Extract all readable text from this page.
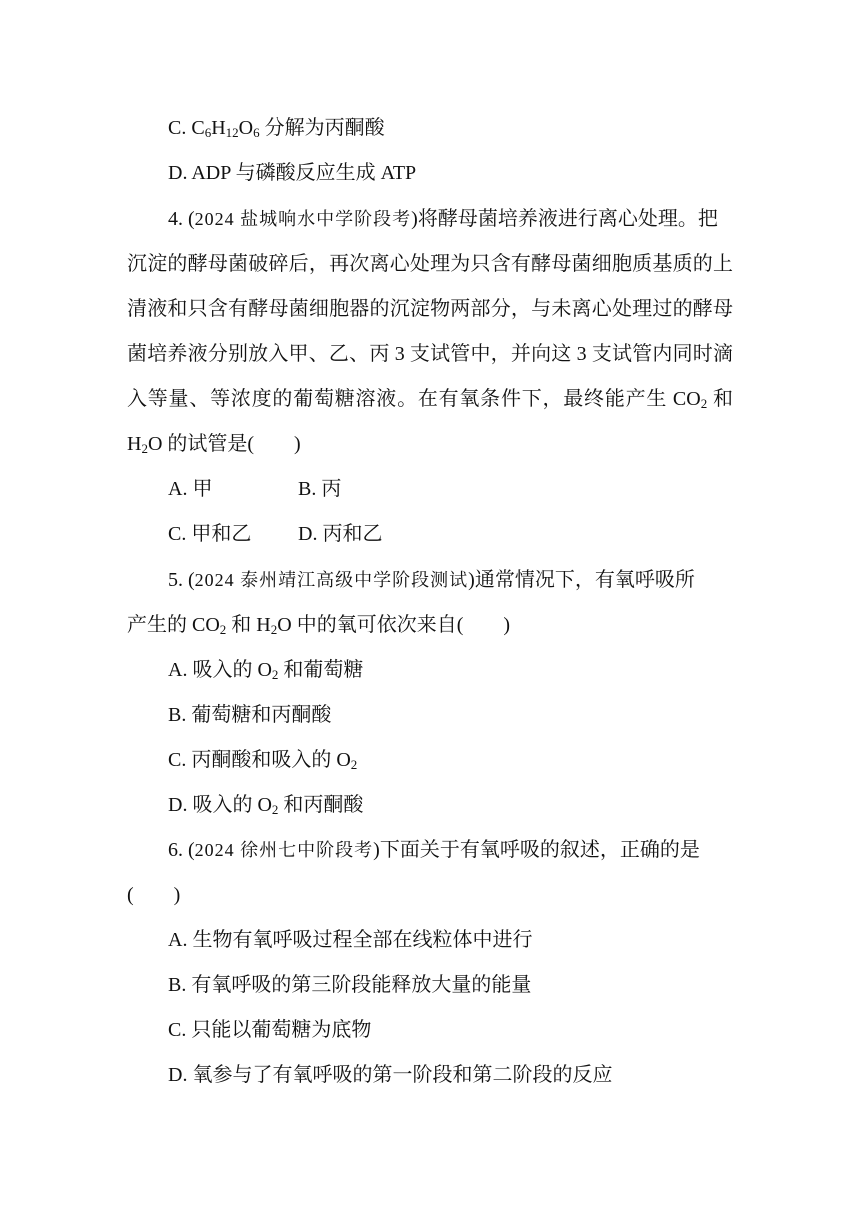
C. $C_6H_{12}O_6$ 分解为丙酮酸
D. ADP 与磷酸反应生成 ATP
4. (2024 盐城响水中学阶段考)将酵母菌培养液进行离心处理。把
沉淀的酵母菌破碎后，再次离心处理为只含有酵母菌细胞质基质的上
清液和只含有酵母菌细胞器的沉淀物两部分，与未离心处理过的酵母
菌培养液分别放入甲、乙、丙 3 支试管中，并向这 3 支试管内同时滴
入等量、等浓度的葡萄糖溶液。在有氧条件下，最终能产生 $CO_2$ 和
$H_2O$ 的试管是(　　)
A. 甲	B. 丙
C. 甲和乙 D. 丙和乙
5. (2024 泰州靖江高级中学阶段测试)通常情况下，有氧呼吸所
产生的 $CO_2$ 和 $H_2O$ 中的氧可依次来自(　　)
A. 吸入的 $O_2$ 和葡萄糖
B. 葡萄糖和丙酮酸
C. 丙酮酸和吸入的 $O_2$
D. 吸入的 $O_2$ 和丙酮酸
6. (2024 徐州七中阶段考)下面关于有氧呼吸的叙述，正确的是
(　　)
A. 生物有氧呼吸过程全部在线粒体中进行
B. 有氧呼吸的第三阶段能释放大量的能量
C. 只能以葡萄糖为底物
D. 氧参与了有氧呼吸的第一阶段和第二阶段的反应
